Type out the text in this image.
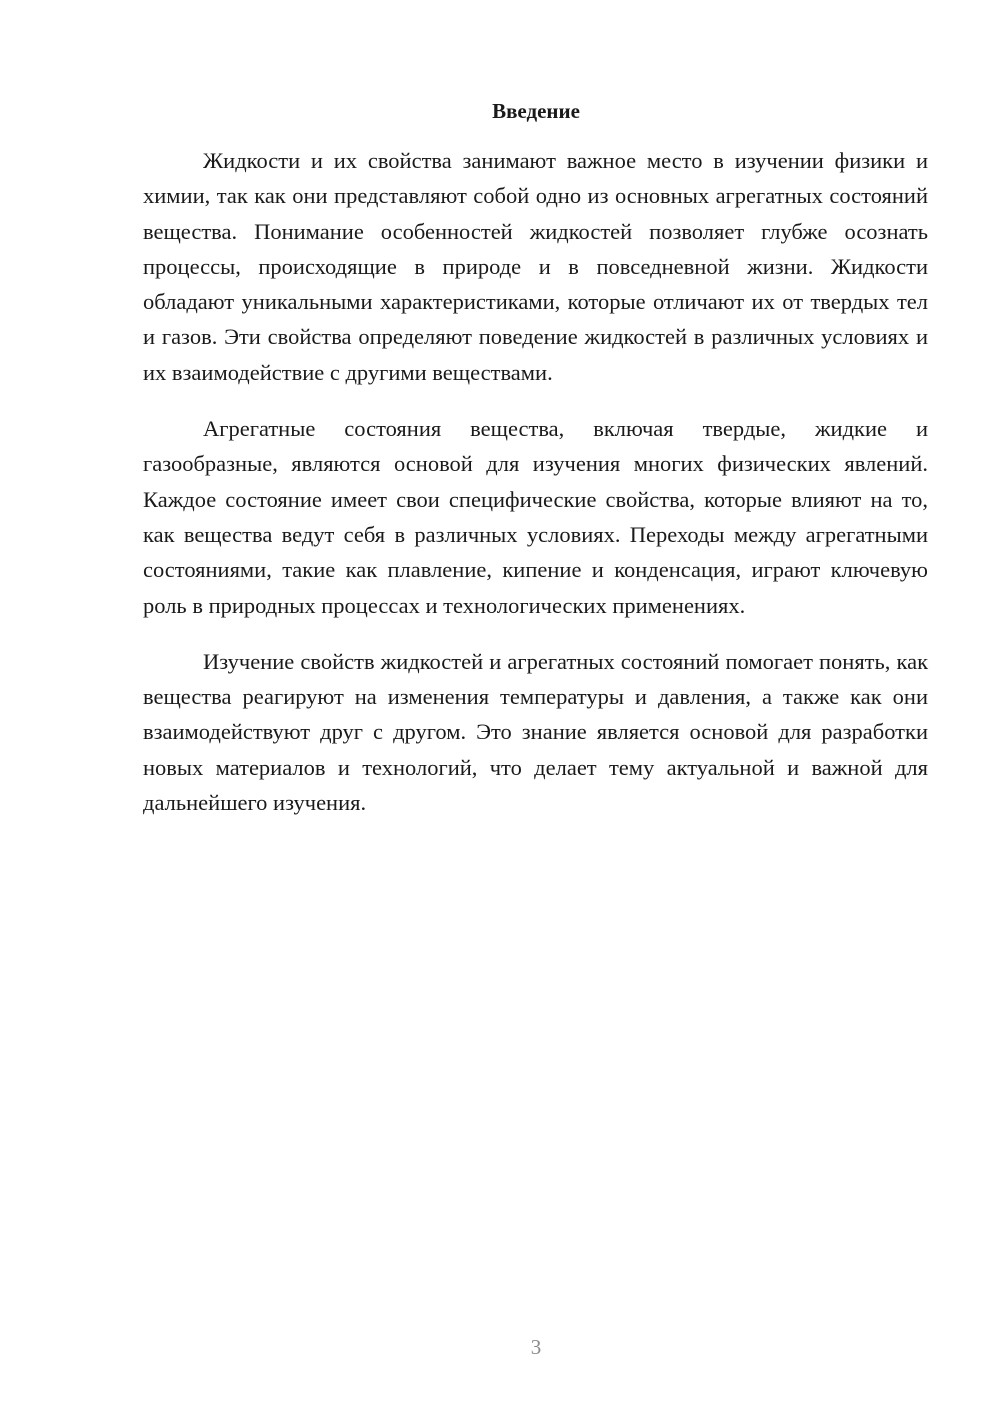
Введение

Жидкости и их свойства занимают важное место в изучении физики и химии, так как они представляют собой одно из основных агрегатных состояний вещества. Понимание особенностей жидкостей позволяет глубже осознать процессы, происходящие в природе и в повседневной жизни. Жидкости обладают уникальными характеристиками, которые отличают их от твердых тел и газов. Эти свойства определяют поведение жидкостей в различных условиях и их взаимодействие с другими веществами.

Агрегатные состояния вещества, включая твердые, жидкие и газообразные, являются основой для изучения многих физических явлений. Каждое состояние имеет свои специфические свойства, которые влияют на то, как вещества ведут себя в различных условиях. Переходы между агрегатными состояниями, такие как плавление, кипение и конденсация, играют ключевую роль в природных процессах и технологических применениях.

Изучение свойств жидкостей и агрегатных состояний помогает понять, как вещества реагируют на изменения температуры и давления, а также как они взаимодействуют друг с другом. Это знание является основой для разработки новых материалов и технологий, что делает тему актуальной и важной для дальнейшего изучения.

3
